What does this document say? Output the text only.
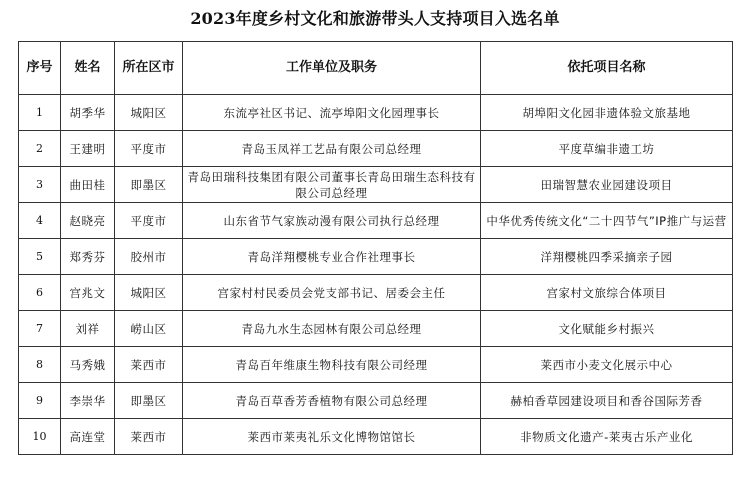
2023年度乡村文化和旅游带头人支持项目入选名单
序号	姓名	所在区市	工作单位及职务	依托项目名称
1	胡季华	城阳区	东流亭社区书记、流亭埠阳文化园理事长	胡埠阳文化园非遗体验文旅基地
2	王建明	平度市	青岛玉凤祥工艺品有限公司总经理	平度草编非遗工坊
3	曲田桂	即墨区	青岛田瑞科技集团有限公司董事长青岛田瑞生态科技有限公司总经理	田瑞智慧农业园建设项目
4	赵晓亮	平度市	山东省节气家族动漫有限公司执行总经理	中华优秀传统文化“二十四节气”IP推广与运营
5	郑秀芬	胶州市	青岛洋翔樱桃专业合作社理事长	洋翔樱桃四季采摘亲子园
6	宫兆文	城阳区	宫家村村民委员会党支部书记、居委会主任	宫家村文旅综合体项目
7	刘祥	崂山区	青岛九水生态园林有限公司总经理	文化赋能乡村振兴
8	马秀娥	莱西市	青岛百年维康生物科技有限公司经理	莱西市小麦文化展示中心
9	李崇华	即墨区	青岛百草香芳香植物有限公司总经理	赫柏香草园建设项目和香谷国际芳香
10	高连堂	莱西市	莱西市莱夷礼乐文化博物馆馆长	非物质文化遗产-莱夷古乐产业化
